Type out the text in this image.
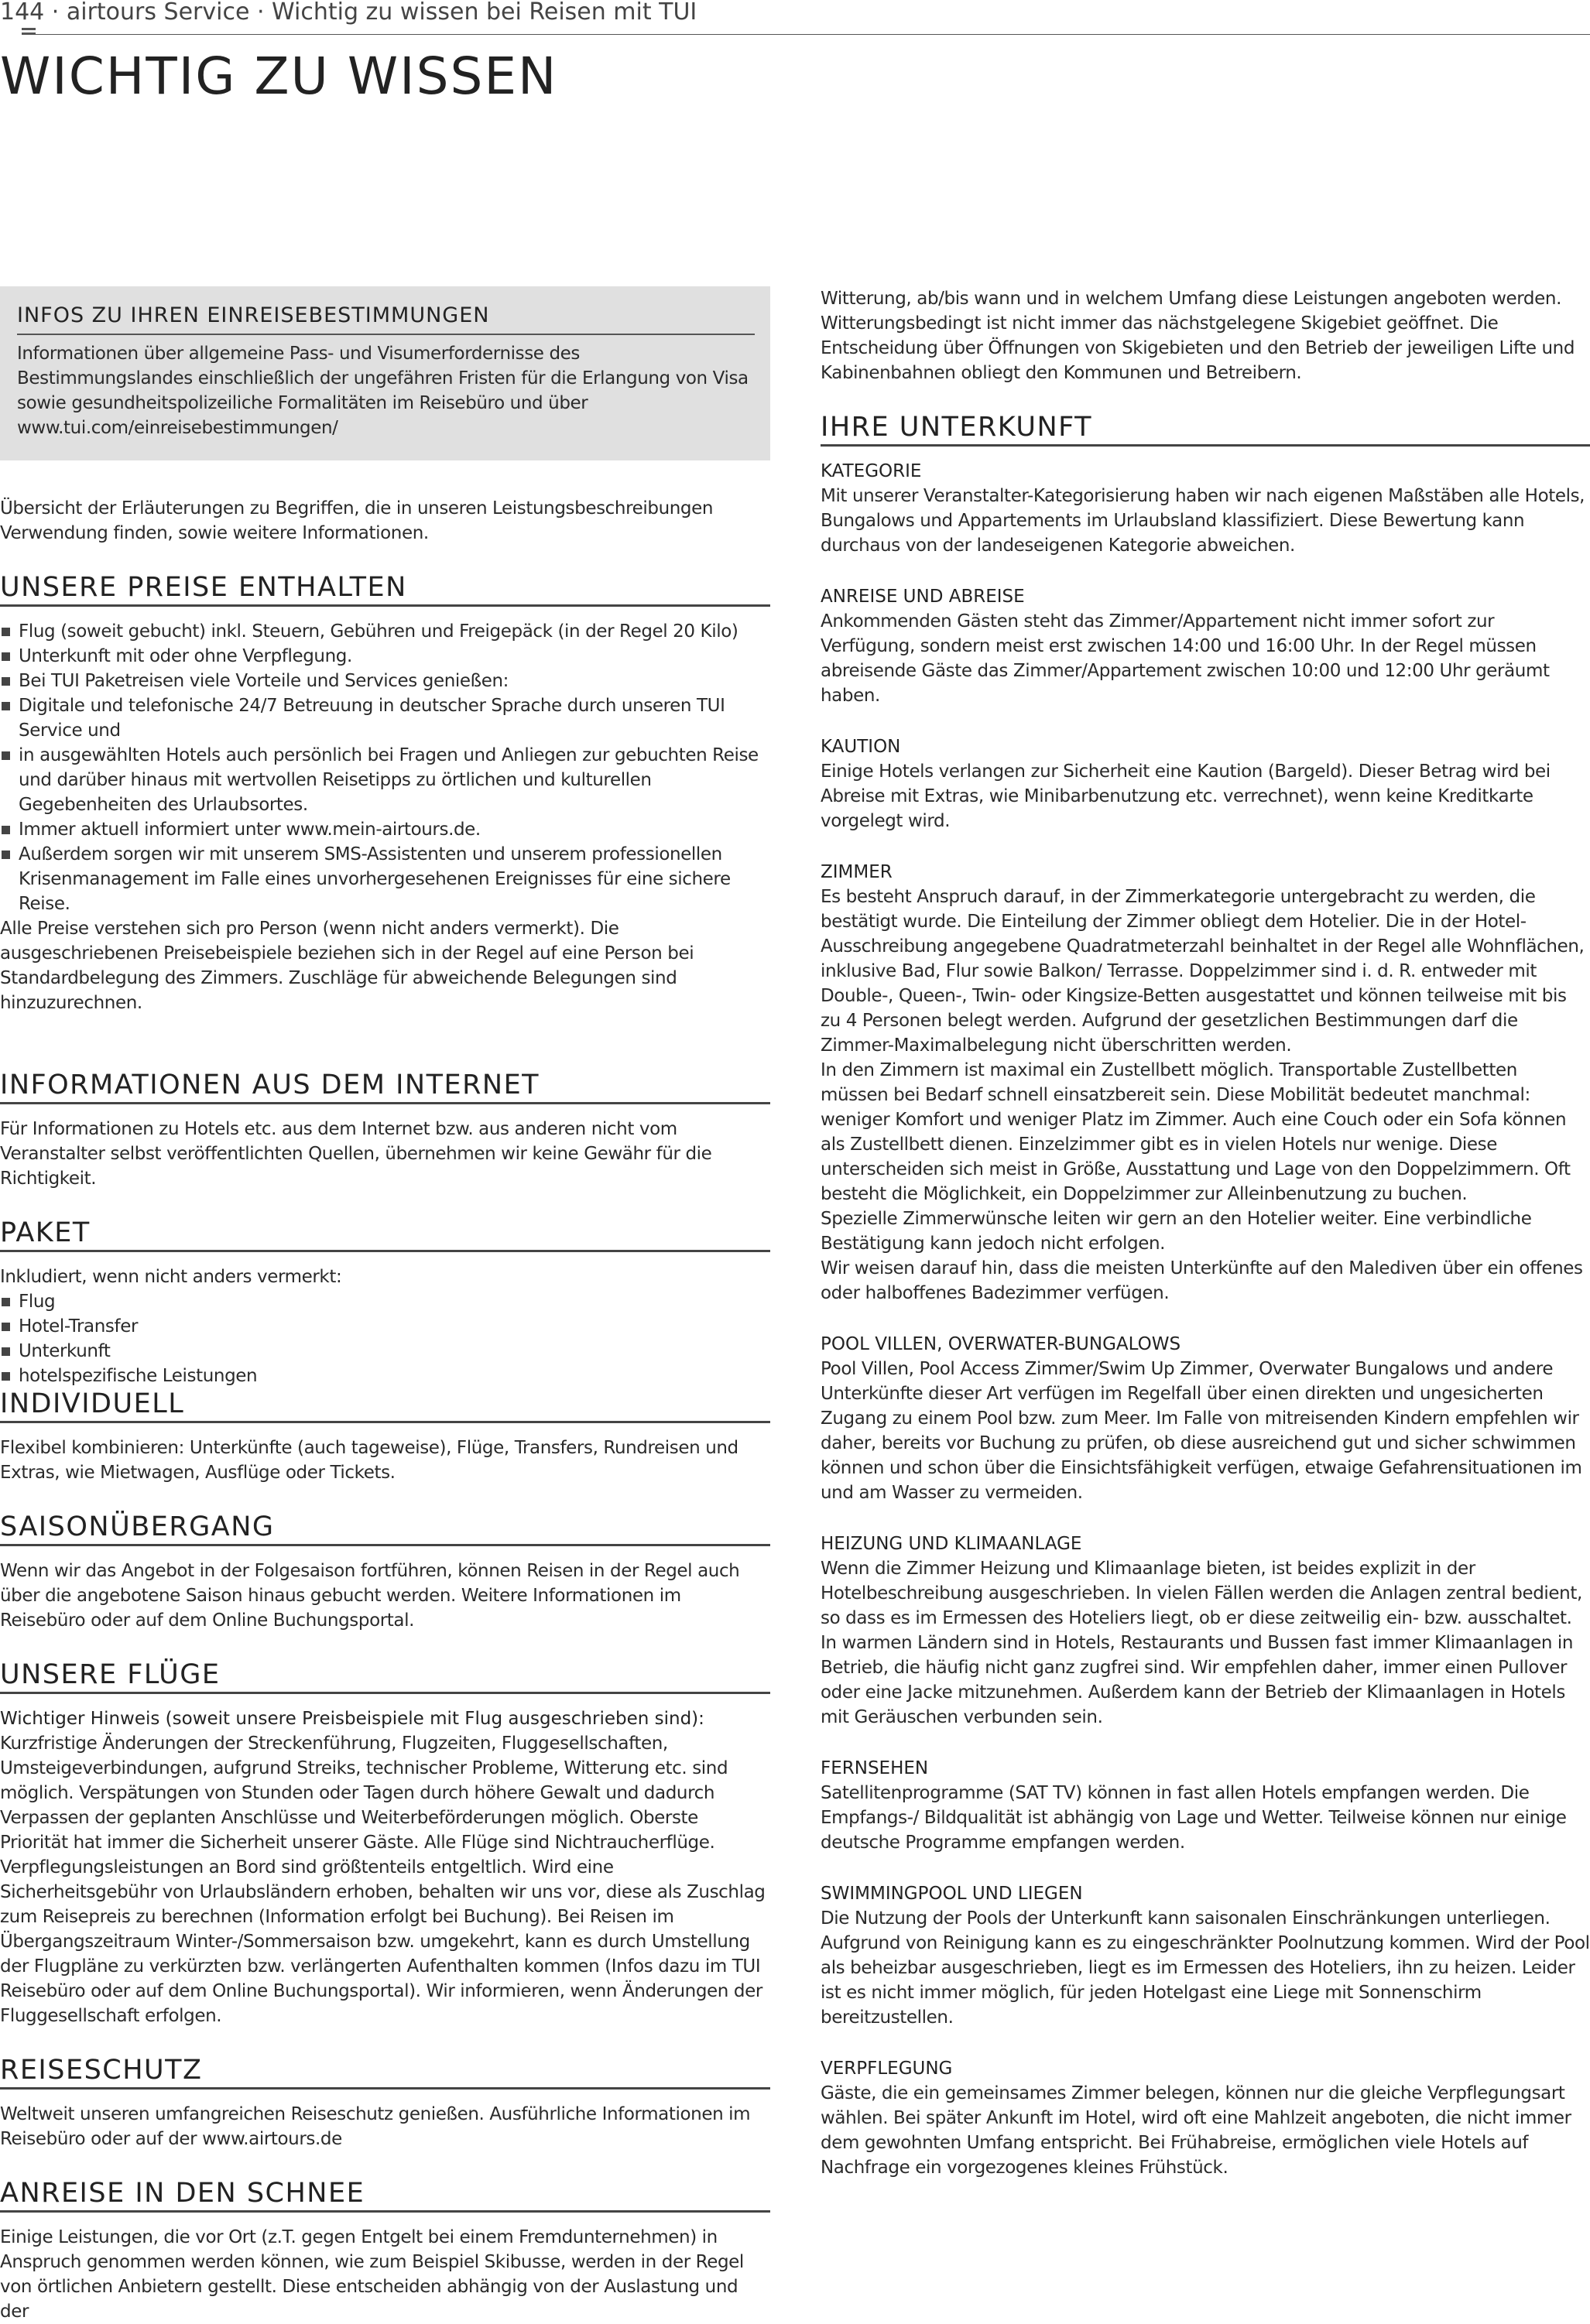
144 · airtours Service · Wichtig zu wissen bei Reisen mit TUI
WICHTIG ZU WISSEN
INFOS ZU IHREN EINREISEBESTIMMUNGEN

Informationen über allgemeine Pass- und Visumerfordernisse des Bestimmungslandes einschließlich der ungefähren Fristen für die Erlangung von Visa sowie gesundheitspolizeiliche Formalitäten im Reisebüro und über www.tui.com/einreisebestimmungen/

Übersicht der Erläuterungen zu Begriffen, die in unseren Leistungsbeschreibungen Verwendung finden, sowie weitere Informationen.

UNSERE PREISE ENTHALTEN
Flug (soweit gebucht) inkl. Steuern, Gebühren und Freigepäck (in der Regel 20 Kilo)
Unterkunft mit oder ohne Verpflegung.
Bei TUI Paketreisen viele Vorteile und Services genießen:
Digitale und telefonische 24/7 Betreuung in deutscher Sprache durch unseren TUI Service und
in ausgewählten Hotels auch persönlich bei Fragen und Anliegen zur gebuchten Reise und darüber hinaus mit wertvollen Reisetipps zu örtlichen und kulturellen Gegebenheiten des Urlaubsortes.
Immer aktuell informiert unter www.mein-airtours.de.
Außerdem sorgen wir mit unserem SMS-Assistenten und unserem professionellen Krisenmanagement im Falle eines unvorhergesehenen Ereignisses für eine sichere Reise.

Alle Preise verstehen sich pro Person (wenn nicht anders vermerkt). Die ausgeschriebenen Preisebeispiele beziehen sich in der Regel auf eine Person bei Standardbelegung des Zimmers. Zuschläge für abweichende Belegungen sind hinzuzurechnen.

INFORMATIONEN AUS DEM INTERNET

Für Informationen zu Hotels etc. aus dem Internet bzw. aus anderen nicht vom Veranstalter selbst veröffentlichten Quellen, übernehmen wir keine Gewähr für die Richtigkeit.

PAKET

Inkludiert, wenn nicht anders vermerkt:

Flug
Hotel-Transfer
Unterkunft
hotelspezifische Leistungen
INDIVIDUELL

Flexibel kombinieren: Unterkünfte (auch tageweise), Flüge, Transfers, Rundreisen und Extras, wie Mietwagen, Ausflüge oder Tickets.

SAISONÜBERGANG

Wenn wir das Angebot in der Folgesaison fortführen, können Reisen in der Regel auch über die angebotene Saison hinaus gebucht werden. Weitere Informationen im Reisebüro oder auf dem Online Buchungsportal.

UNSERE FLÜGE
Wichtiger Hinweis (soweit unsere Preisbeispiele mit Flug ausgeschrieben sind):

Kurzfristige Änderungen der Streckenführung, Flugzeiten, Fluggesellschaften, Umsteigeverbindungen, aufgrund Streiks, technischer Probleme, Witterung etc. sind möglich. Verspätungen von Stunden oder Tagen durch höhere Gewalt und dadurch Verpassen der geplanten Anschlüsse und Weiterbeförderungen möglich. Oberste Priorität hat immer die Sicherheit unserer Gäste. Alle Flüge sind Nichtraucherflüge. Verpflegungsleistungen an Bord sind größtenteils entgeltlich. Wird eine Sicherheitsgebühr von Urlaubsländern erhoben, behalten wir uns vor, diese als Zuschlag zum Reisepreis zu berechnen (Information erfolgt bei Buchung). Bei Reisen im Übergangszeitraum Winter-/Sommersaison bzw. umgekehrt, kann es durch Umstellung der Flugpläne zu verkürzten bzw. verlängerten Aufenthalten kommen (Infos dazu im TUI Reisebüro oder auf dem Online Buchungsportal). Wir informieren, wenn Änderungen der Fluggesellschaft erfolgen.

REISESCHUTZ

Weltweit unseren umfangreichen Reiseschutz genießen. Ausführliche Informationen im Reisebüro oder auf der www.airtours.de

ANREISE IN DEN SCHNEE

Einige Leistungen, die vor Ort (z.T. gegen Entgelt bei einem Fremdunternehmen) in Anspruch genommen werden können, wie zum Beispiel Skibusse, werden in der Regel von örtlichen Anbietern gestellt. Diese entscheiden abhängig von der Auslastung und der

Witterung, ab/bis wann und in welchem Umfang diese Leistungen angeboten werden. Witterungsbedingt ist nicht immer das nächstgelegene Skigebiet geöffnet. Die Entscheidung über Öffnungen von Skigebieten und den Betrieb der jeweiligen Lifte und Kabinenbahnen obliegt den Kommunen und Betreibern.

IHRE UNTERKUNFT
KATEGORIE

Mit unserer Veranstalter-Kategorisierung haben wir nach eigenen Maßstäben alle Hotels, Bungalows und Appartements im Urlaubsland klassifiziert. Diese Bewertung kann durchaus von der landeseigenen Kategorie abweichen.

ANREISE UND ABREISE

Ankommenden Gästen steht das Zimmer/Appartement nicht immer sofort zur Verfügung, sondern meist erst zwischen 14:00 und 16:00 Uhr. In der Regel müssen abreisende Gäste das Zimmer/Appartement zwischen 10:00 und 12:00 Uhr geräumt haben.

KAUTION

Einige Hotels verlangen zur Sicherheit eine Kaution (Bargeld). Dieser Betrag wird bei Abreise mit Extras, wie Minibarbenutzung etc. verrechnet), wenn keine Kreditkarte vorgelegt wird.

ZIMMER

Es besteht Anspruch darauf, in der Zimmerkategorie untergebracht zu werden, die bestätigt wurde. Die Einteilung der Zimmer obliegt dem Hotelier. Die in der Hotel-Ausschreibung angegebene Quadratmeterzahl beinhaltet in der Regel alle Wohnflächen, inklusive Bad, Flur sowie Balkon/ Terrasse. Doppelzimmer sind i. d. R. entweder mit Double-, Queen-, Twin- oder Kingsize-Betten ausgestattet und können teilweise mit bis zu 4 Personen belegt werden. Aufgrund der gesetzlichen Bestimmungen darf die Zimmer-Maximalbelegung nicht überschritten werden.

In den Zimmern ist maximal ein Zustellbett möglich. Transportable Zustellbetten müssen bei Bedarf schnell einsatzbereit sein. Diese Mobilität bedeutet manchmal: weniger Komfort und weniger Platz im Zimmer. Auch eine Couch oder ein Sofa können als Zustellbett dienen. Einzelzimmer gibt es in vielen Hotels nur wenige. Diese unterscheiden sich meist in Größe, Ausstattung und Lage von den Doppelzimmern. Oft besteht die Möglichkeit, ein Doppelzimmer zur Alleinbenutzung zu buchen.

Spezielle Zimmerwünsche leiten wir gern an den Hotelier weiter. Eine verbindliche Bestätigung kann jedoch nicht erfolgen.

Wir weisen darauf hin, dass die meisten Unterkünfte auf den Malediven über ein offenes oder halboffenes Badezimmer verfügen.

POOL VILLEN, OVERWATER-BUNGALOWS

Pool Villen, Pool Access Zimmer/Swim Up Zimmer, Overwater Bungalows und andere Unterkünfte dieser Art verfügen im Regelfall über einen direkten und ungesicherten Zugang zu einem Pool bzw. zum Meer. Im Falle von mitreisenden Kindern empfehlen wir daher, bereits vor Buchung zu prüfen, ob diese ausreichend gut und sicher schwimmen können und schon über die Einsichtsfähigkeit verfügen, etwaige Gefahrensituationen im und am Wasser zu vermeiden.

HEIZUNG UND KLIMAANLAGE

Wenn die Zimmer Heizung und Klimaanlage bieten, ist beides explizit in der Hotelbeschreibung ausgeschrieben. In vielen Fällen werden die Anlagen zentral bedient, so dass es im Ermessen des Hoteliers liegt, ob er diese zeitweilig ein- bzw. ausschaltet. In warmen Ländern sind in Hotels, Restaurants und Bussen fast immer Klimaanlagen in Betrieb, die häufig nicht ganz zugfrei sind. Wir empfehlen daher, immer einen Pullover oder eine Jacke mitzunehmen. Außerdem kann der Betrieb der Klimaanlagen in Hotels mit Geräuschen verbunden sein.

FERNSEHEN

Satellitenprogramme (SAT TV) können in fast allen Hotels empfangen werden. Die Empfangs-/ Bildqualität ist abhängig von Lage und Wetter. Teilweise können nur einige deutsche Programme empfangen werden.

SWIMMINGPOOL UND LIEGEN

Die Nutzung der Pools der Unterkunft kann saisonalen Einschränkungen unterliegen. Aufgrund von Reinigung kann es zu eingeschränkter Poolnutzung kommen. Wird der Pool als beheizbar ausgeschrieben, liegt es im Ermessen des Hoteliers, ihn zu heizen. Leider ist es nicht immer möglich, für jeden Hotelgast eine Liege mit Sonnenschirm bereitzustellen.

VERPFLEGUNG

Gäste, die ein gemeinsames Zimmer belegen, können nur die gleiche Verpflegungsart wählen. Bei später Ankunft im Hotel, wird oft eine Mahlzeit angeboten, die nicht immer dem gewohnten Umfang entspricht. Bei Frühabreise, ermöglichen viele Hotels auf Nachfrage ein vorgezogenes kleines Frühstück.
